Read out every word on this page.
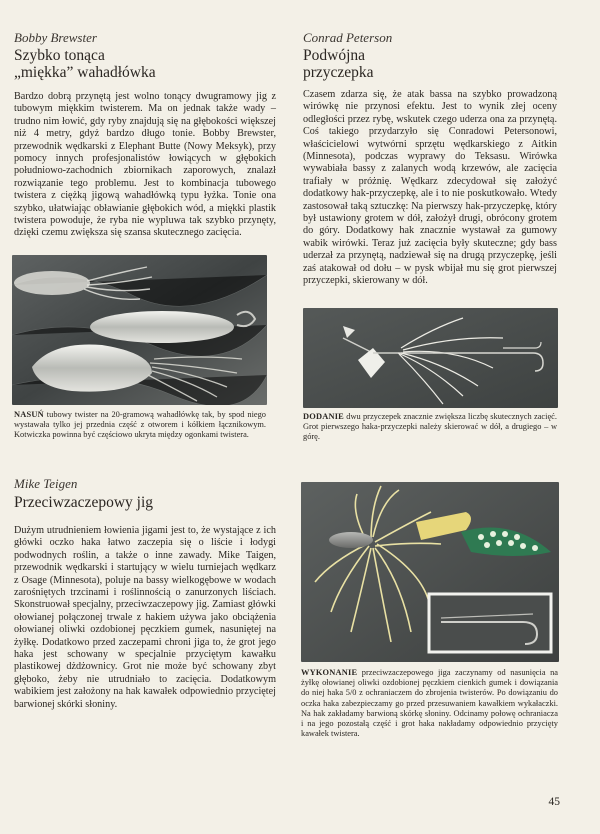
Bobby Brewster
Szybko tonąca
„miękka” wahadłówka
Bardzo dobrą przynętą jest wolno tonący dwugramowy jig z tubowym miękkim twisterem. Ma on jednak także wady – trudno nim łowić, gdy ryby znajdują się na głębokości większej niż 4 metry, gdyż bardzo długo tonie. Bobby Brewster, przewodnik wędkarski z Elephant Butte (Nowy Meksyk), przy pomocy innych profesjonalistów łowiących w głębokich południowo-zachodnich zbiornikach zaporowych, znalazł rozwiązanie tego problemu. Jest to kombinacja tubowego twistera z ciężką jigową wahadłówką typu łyżka. Tonie ona szybko, ułatwiając obławianie głębokich wód, a miękki plastik twistera powoduje, że ryba nie wypluwa tak szybko przynęty, dzięki czemu zwiększa się szansa skutecznego zacięcia.
NASUŃ tubowy twister na 20-gramową wahadłówkę tak, by spod niego wystawała tylko jej przednia część z otworem i kółkiem łącznikowym. Kotwiczka powinna być częściowo ukryta między ogonkami twistera.
Conrad Peterson
Podwójna
przyczepka
Czasem zdarza się, że atak bassa na szybko prowadzoną wirówkę nie przynosi efektu. Jest to wynik złej oceny odległości przez rybę, wskutek czego uderza ona za przynętą. Coś takiego przydarzyło się Conradowi Petersonowi, właścicielowi wytwórni sprzętu wędkarskiego z Aitkin (Minnesota), podczas wyprawy do Teksasu. Wirówka wywabiała bassy z zalanych wodą krzewów, ale zacięcia trafiały w próżnię. Wędkarz zdecydował się założyć dodatkowy hak-przyczepkę, ale i to nie poskutkowało. Wtedy zastosował taką sztuczkę: Na pierwszy hak-przyczepkę, który był ustawiony grotem w dół, założył drugi, obrócony grotem do góry. Dodatkowy hak znacznie wystawał za gumowy wabik wirówki. Teraz już zacięcia były skuteczne; gdy bass uderzał za przynętą, nadziewał się na drugą przyczepkę, jeśli zaś atakował od dołu – w pysk wbijał mu się grot pierwszej przyczepki, skierowany w dół.
DODANIE dwu przyczepek znacznie zwiększa liczbę skutecznych zacięć. Grot pierwszego haka-przyczepki należy skierować w dół, a drugiego – w górę.
Mike Teigen
Przeciwzaczepowy jig
Dużym utrudnieniem łowienia jigami jest to, że wystające z ich główki oczko haka łatwo zaczepia się o liście i łodygi podwodnych roślin, a także o inne zawady. Mike Taigen, przewodnik wędkarski i startujący w wielu turniejach wędkarz z Osage (Minnesota), poluje na bassy wielkogębowe w wodach zarośniętych trzcinami i roślinnością o zanurzonych liściach. Skonstruował specjalny, przeciwzaczepowy jig. Zamiast główki ołowianej połączonej trwale z hakiem używa jako obciążenia ołowianej oliwki ozdobionej pęczkiem gumek, nasuniętej na żyłkę. Dodatkowo przed zaczepami chroni jiga to, że grot jego haka jest schowany w specjalnie przyciętym kawałku plastikowej dżdżownicy. Grot nie może być schowany zbyt głęboko, żeby nie utrudniało to zacięcia. Dodatkowym wabikiem jest założony na hak kawałek odpowiednio przyciętej barwionej skórki słoniny.
WYKONANIE przeciwzaczepowego jiga zaczynamy od nasunięcia na żyłkę ołowianej oliwki ozdobionej pęczkiem cienkich gumek i dowiązania do niej haka 5/0 z ochraniaczem do zbrojenia twisterów. Po dowiązaniu do oczka haka zabezpieczamy go przed przesuwaniem kawałkiem wykałaczki. Na hak zakładamy barwioną skórkę słoniny. Odcinamy połowę ochraniacza i na jego pozostałą część i grot haka nakładamy odpowiednio przycięty kawałek twistera.
45
